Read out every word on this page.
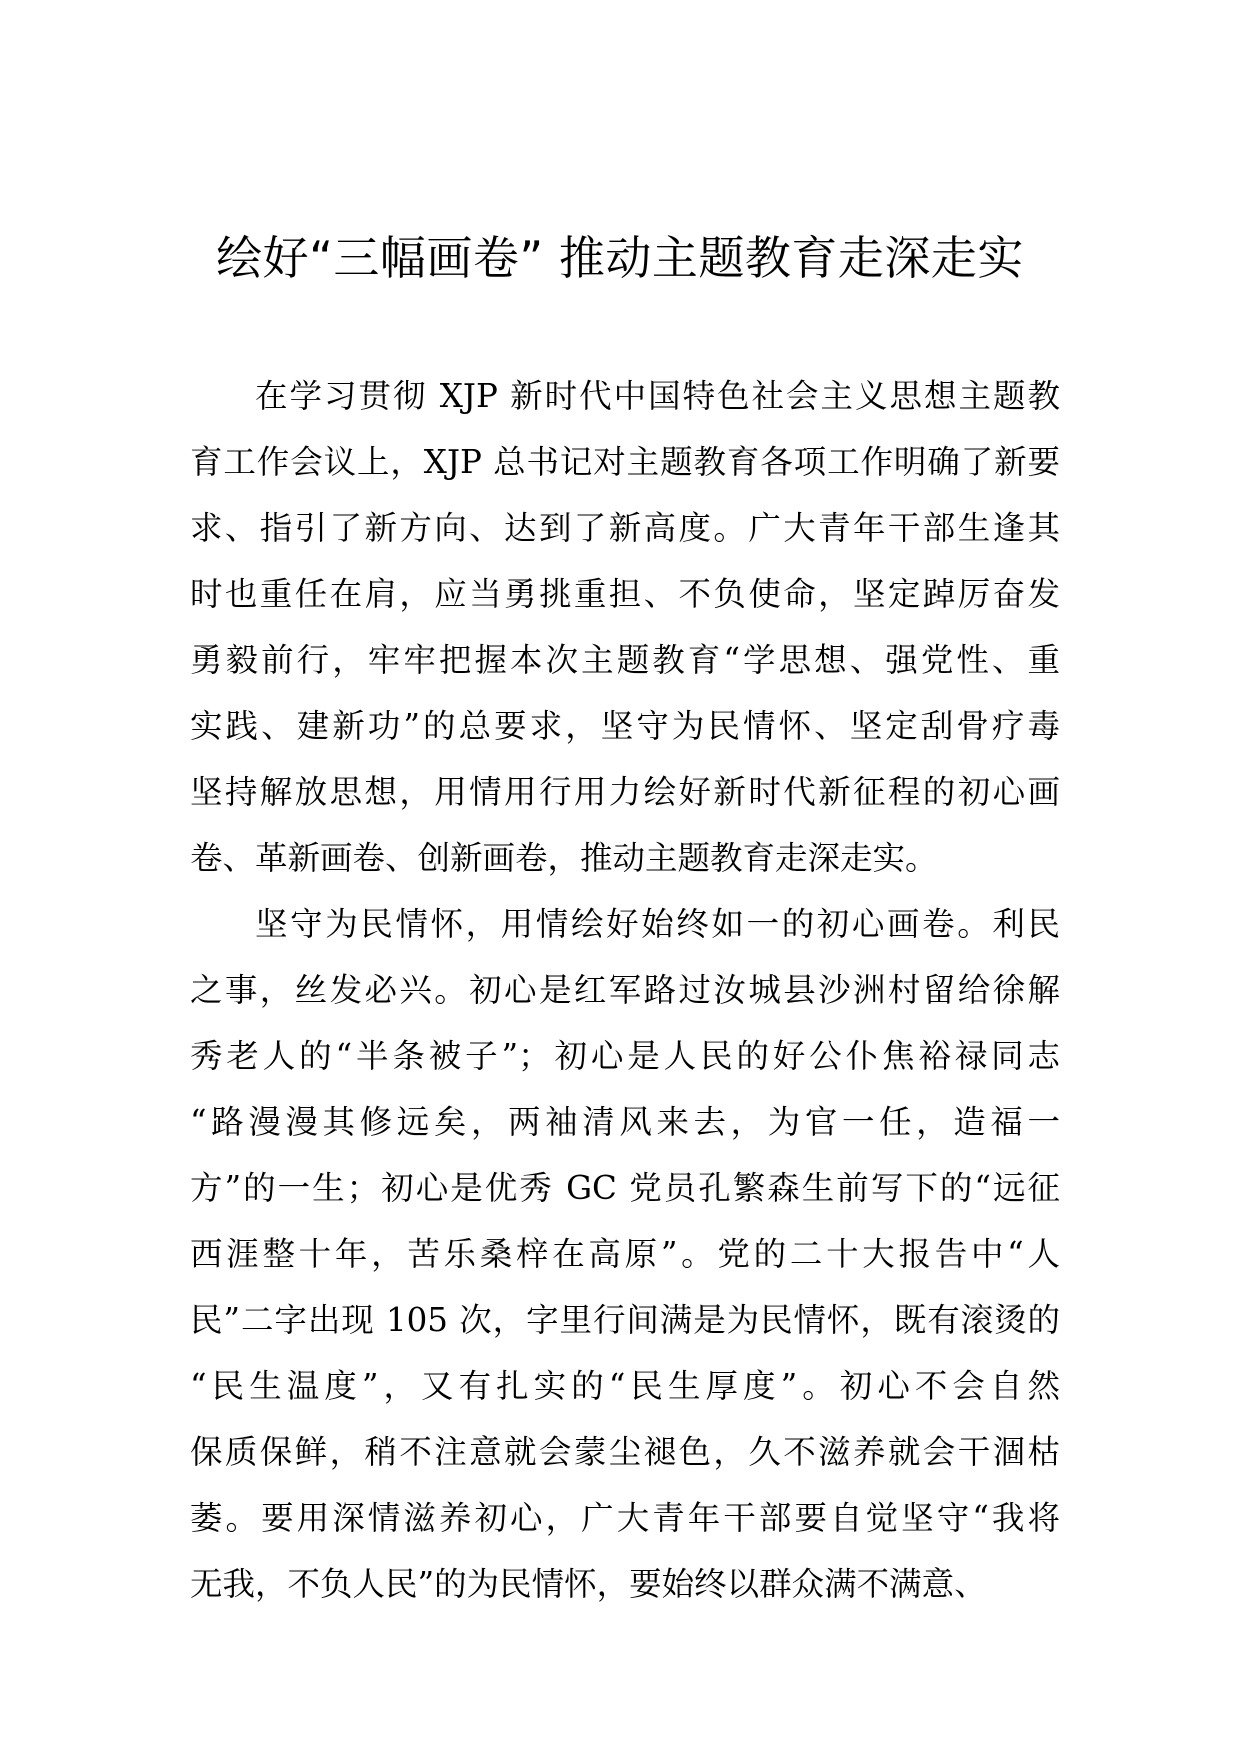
绘好“三幅画卷” 推动主题教育走深走实
在学习贯彻 XJP 新时代中国特色社会主义思想主题教
育工作会议上，XJP 总书记对主题教育各项工作明确了新要
求、指引了新方向、达到了新高度。广大青年干部生逢其
时也重任在肩，应当勇挑重担、不负使命，坚定踔厉奋发
勇毅前行，牢牢把握本次主题教育“学思想、强党性、重
实践、建新功”的总要求，坚守为民情怀、坚定刮骨疗毒
坚持解放思想，用情用行用力绘好新时代新征程的初心画
卷、革新画卷、创新画卷，推动主题教育走深走实。
坚守为民情怀，用情绘好始终如一的初心画卷。利民
之事，丝发必兴。初心是红军路过汝城县沙洲村留给徐解
秀老人的“半条被子”；初心是人民的好公仆焦裕禄同志
“路漫漫其修远矣，两袖清风来去，为官一任，造福一
方”的一生；初心是优秀 GC 党员孔繁森生前写下的“远征
西涯整十年，苦乐桑梓在高原”。党的二十大报告中“人
民”二字出现 105 次，字里行间满是为民情怀，既有滚烫的
“民生温度”，又有扎实的“民生厚度”。初心不会自然
保质保鲜，稍不注意就会蒙尘褪色，久不滋养就会干涸枯
萎。要用深情滋养初心，广大青年干部要自觉坚守“我将
无我，不负人民”的为民情怀，要始终以群众满不满意、
